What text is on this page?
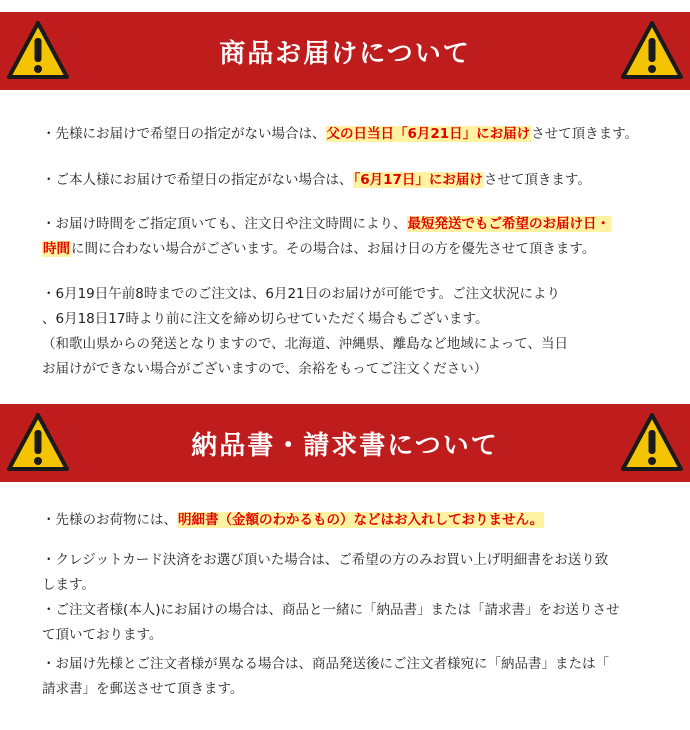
商品お届けについて
・先様にお届けで希望日の指定がない場合は、父の日当日「6月21日」にお届けさせて頂きます。
・ご本人様にお届けで希望日の指定がない場合は、「6月17日」にお届けさせて頂きます。
・お届け時間をご指定頂いても、注文日や注文時間により、最短発送でもご希望のお届け日・
時間に間に合わない場合がございます。その場合は、お届け日の方を優先させて頂きます。
・6月19日午前8時までのご注文は、6月21日のお届けが可能です。ご注文状況により
、6月18日17時より前に注文を締め切らせていただく場合もございます。
（和歌山県からの発送となりますので、北海道、沖縄県、離島など地域によって、当日
お届けができない場合がございますので、余裕をもってご注文ください）
納品書・請求書について
・先様のお荷物には、明細書（金額のわかるもの）などはお入れしておりません。
・クレジットカード決済をお選び頂いた場合は、ご希望の方のみお買い上げ明細書をお送り致
します。
・ご注文者様(本人)にお届けの場合は、商品と一緒に「納品書」または「請求書」をお送りさせ
て頂いております。
・お届け先様とご注文者様が異なる場合は、商品発送後にご注文者様宛に「納品書」または「
請求書」を郵送させて頂きます。
